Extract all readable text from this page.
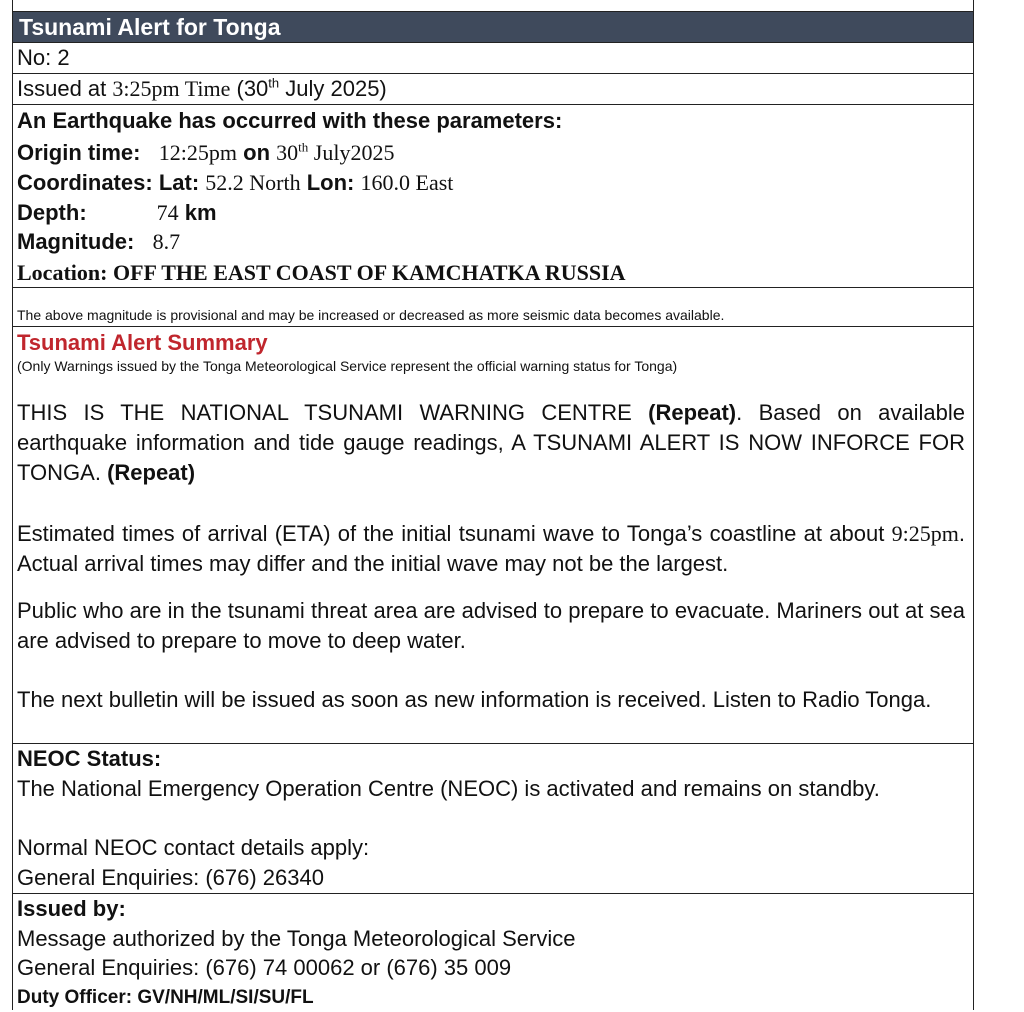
Tsunami Alert for Tonga
No: 2
Issued at 3:25pm Time (30th July 2025)
An Earthquake has occurred with these parameters:
Origin time: 12:25pm on 30th July2025
Coordinates: Lat: 52.2 North Lon: 160.0 East
Depth:	74 km
Magnitude: 8.7
Location: OFF THE EAST COAST OF KAMCHATKA RUSSIA
The above magnitude is provisional and may be increased or decreased as more seismic data becomes available.
Tsunami Alert Summary
(Only Warnings issued by the Tonga Meteorological Service represent the official warning status for Tonga)
THIS IS THE NATIONAL TSUNAMI WARNING CENTRE (Repeat). Based on available earthquake information and tide gauge readings, A TSUNAMI ALERT IS NOW INFORCE FOR TONGA. (Repeat)
Estimated times of arrival (ETA) of the initial tsunami wave to Tonga’s coastline at about 9:25pm. Actual arrival times may differ and the initial wave may not be the largest.
Public who are in the tsunami threat area are advised to prepare to evacuate. Mariners out at sea are advised to prepare to move to deep water.
The next bulletin will be issued as soon as new information is received. Listen to Radio Tonga.
NEOC Status:
The National Emergency Operation Centre (NEOC) is activated and remains on standby.
Normal NEOC contact details apply:
General Enquiries: (676) 26340
Issued by:
Message authorized by the Tonga Meteorological Service
General Enquiries: (676) 74 00062 or (676) 35 009
Duty Officer: GV/NH/ML/SI/SU/FL
